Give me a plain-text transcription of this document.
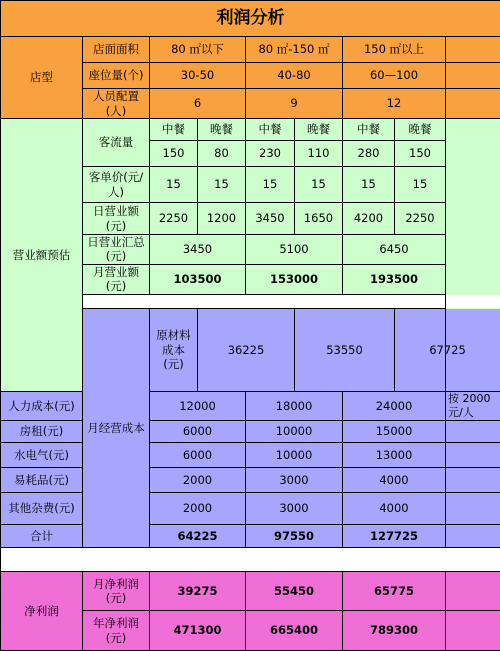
利润分析									
店型	店面面积	80 ㎡以下		80 ㎡-150 ㎡		150 ㎡以上			
	座位量(个)	30-50		40-80		60—100			
	人员配置(人)	6		9		12			
营业额预估	客流量	中餐	晚餐	中餐	晚餐	中餐	晚餐		
		150	80	230	110	280	150		
	客单价(元/人)	15	15	15	15	15	15		
	日营业额(元)	2250	1200	3450	1650	4200	2250		
	日营业汇总(元)	3450		5100		6450			
	月营业额(元)	103500		153000		193500			

	月经营成本	原材料成本(元)	36225		53550		67725	
人力成本(元)		12000		18000		24000		按 2000 元/人	
房租(元)		6000		10000		15000			
水电气(元)		6000		10000		13000			
易耗品(元)		2000		3000		4000			
其他杂费(元)		2000		3000		4000			
合计		64225		97550		127725			

净利润	月净利润(元)	39275		55450		65775			
	年净利润(元)	471300		665400		789300			
